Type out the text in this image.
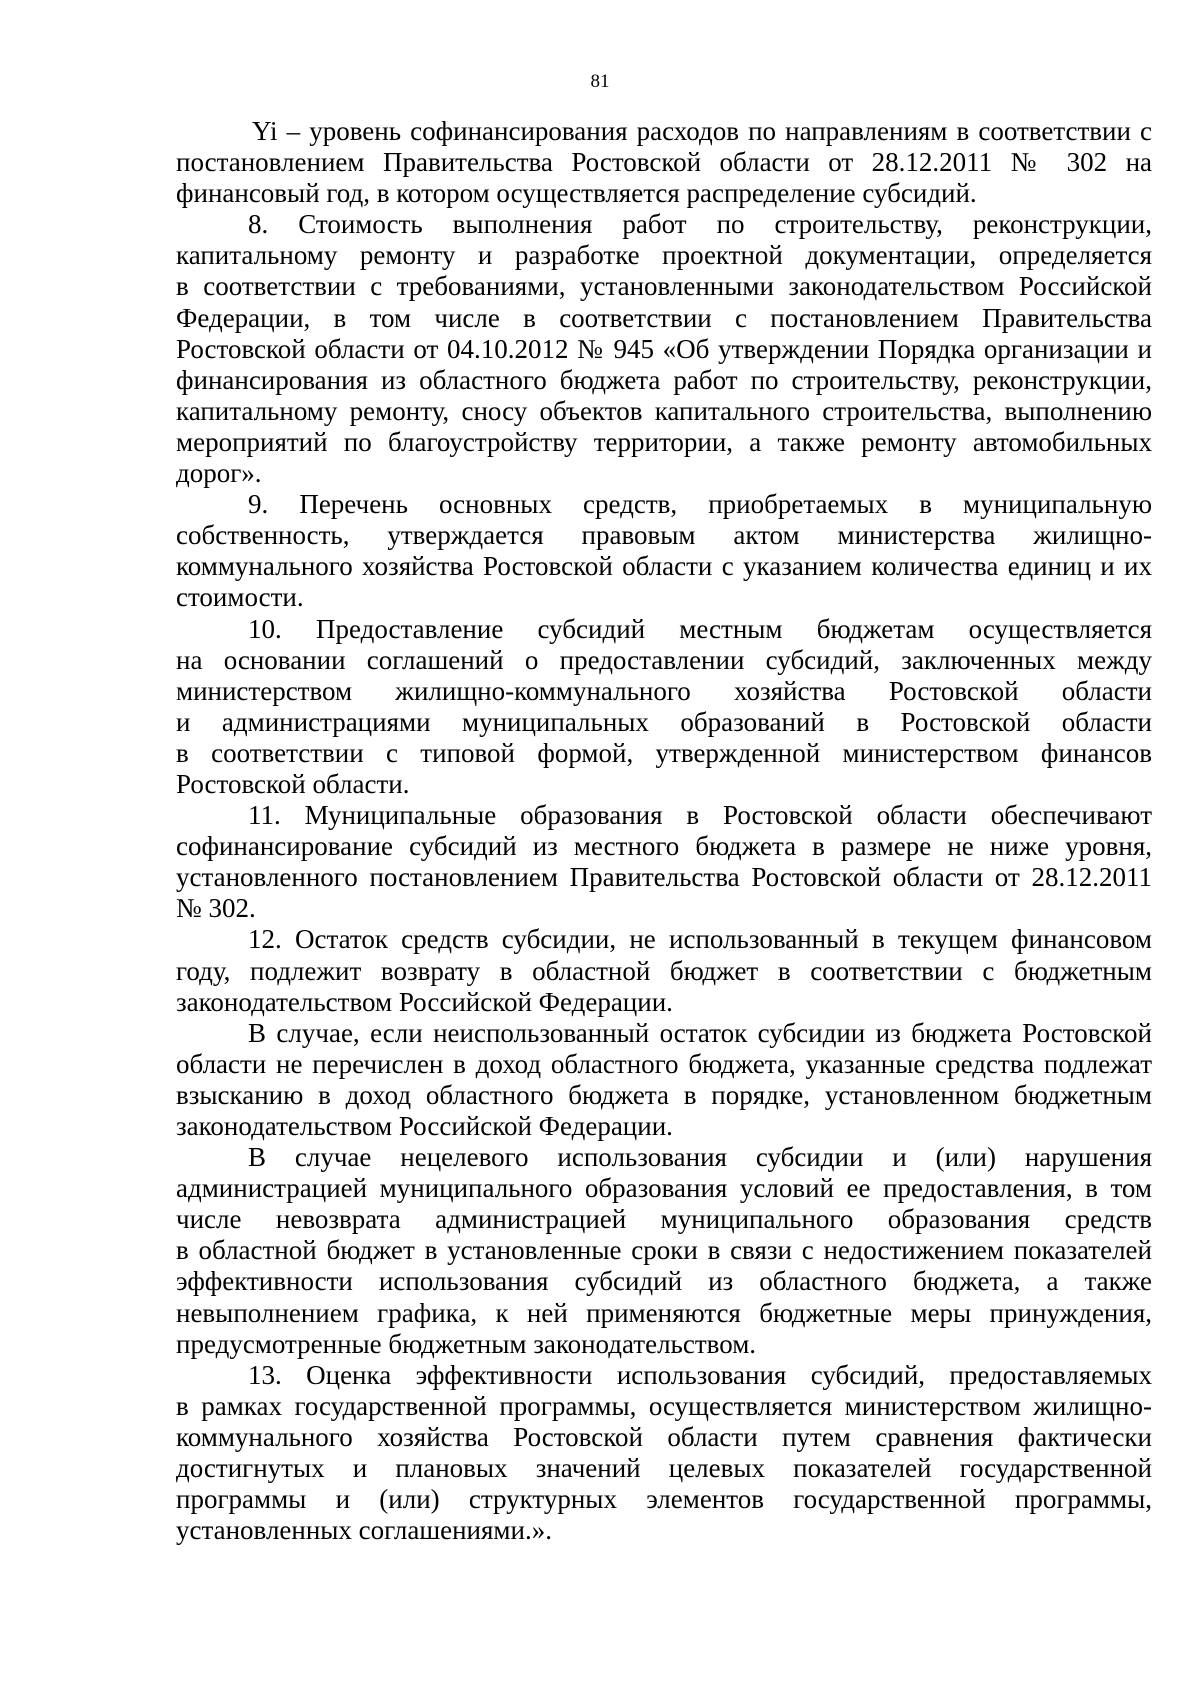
81

Yi – уровень софинансирования расходов по направлениям в соответствии с постановлением Правительства Ростовской области от 28.12.2011 № 302 на финансовый год, в котором осуществляется распределение субсидий.

8. Стоимость выполнения работ по строительству, реконструкции, капитальному ремонту и разработке проектной документации, определяется в соответствии с требованиями, установленными законодательством Российской Федерации, в том числе в соответствии с постановлением Правительства Ростовской области от 04.10.2012 № 945 «Об утверждении Порядка организации и финансирования из областного бюджета работ по строительству, реконструкции, капитальному ремонту, сносу объектов капитального строительства, выполнению мероприятий по благоустройству территории, а также ремонту автомобильных дорог».

9. Перечень основных средств, приобретаемых в муниципальную собственность, утверждается правовым актом министерства жилищно-коммунального хозяйства Ростовской области с указанием количества единиц и их стоимости.

10. Предоставление субсидий местным бюджетам осуществляется на основании соглашений о предоставлении субсидий, заключенных между министерством жилищно-коммунального хозяйства Ростовской области и администрациями муниципальных образований в Ростовской области в соответствии с типовой формой, утвержденной министерством финансов Ростовской области.

11. Муниципальные образования в Ростовской области обеспечивают софинансирование субсидий из местного бюджета в размере не ниже уровня, установленного постановлением Правительства Ростовской области от 28.12.2011 № 302.

12. Остаток средств субсидии, не использованный в текущем финансовом году, подлежит возврату в областной бюджет в соответствии с бюджетным законодательством Российской Федерации.

В случае, если неиспользованный остаток субсидии из бюджета Ростовской области не перечислен в доход областного бюджета, указанные средства подлежат взысканию в доход областного бюджета в порядке, установленном бюджетным законодательством Российской Федерации.

В случае нецелевого использования субсидии и (или) нарушения администрацией муниципального образования условий ее предоставления, в том числе невозврата администрацией муниципального образования средств в областной бюджет в установленные сроки в связи с недостижением показателей эффективности использования субсидий из областного бюджета, а также невыполнением графика, к ней применяются бюджетные меры принуждения, предусмотренные бюджетным законодательством.

13. Оценка эффективности использования субсидий, предоставляемых в рамках государственной программы, осуществляется министерством жилищно-коммунального хозяйства Ростовской области путем сравнения фактически достигнутых и плановых значений целевых показателей государственной программы и (или) структурных элементов государственной программы, установленных соглашениями.».
